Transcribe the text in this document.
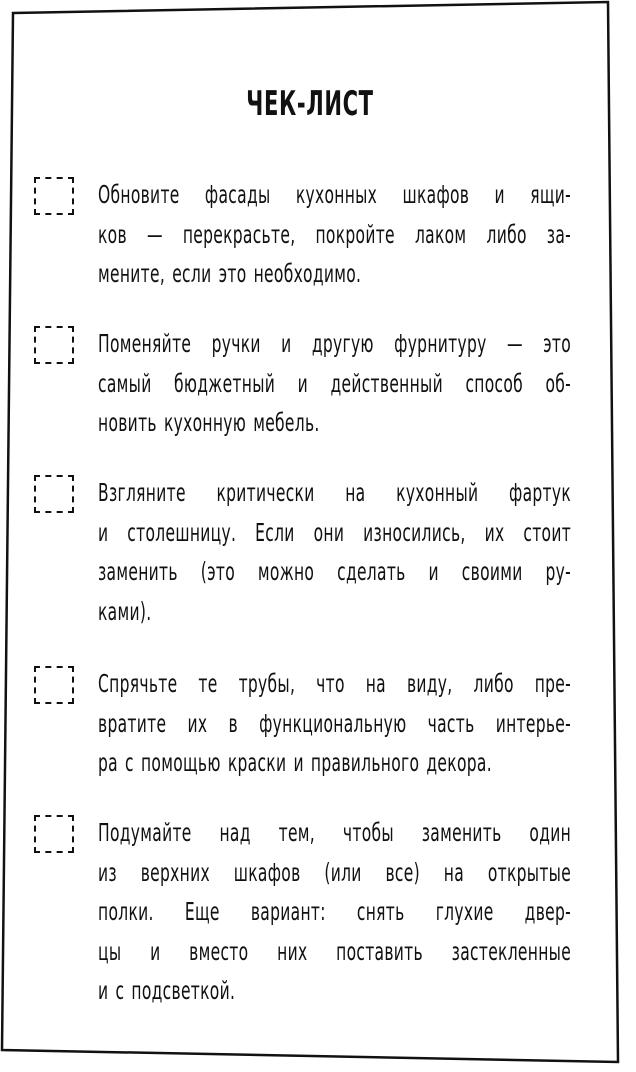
ЧЕК-ЛИСТ
Обновите фасады кухонных шкафов и ящи-
ков — перекрасьте, покройте лаком либо за-
мените, если это необходимо.
Поменяйте ручки и другую фурнитуру — это
самый бюджетный и действенный способ об-
новить кухонную мебель.
Взгляните критически на кухонный фартук
и столешницу. Если они износились, их стоит
заменить (это можно сделать и своими ру-
ками).
Спрячьте те трубы, что на виду, либо пре-
вратите их в функциональную часть интерье-
ра с помощью краски и правильного декора.
Подумайте над тем, чтобы заменить один
из верхних шкафов (или все) на открытые
полки. Еще вариант: снять глухие двер-
цы и вместо них поставить застекленные
и с подсветкой.
